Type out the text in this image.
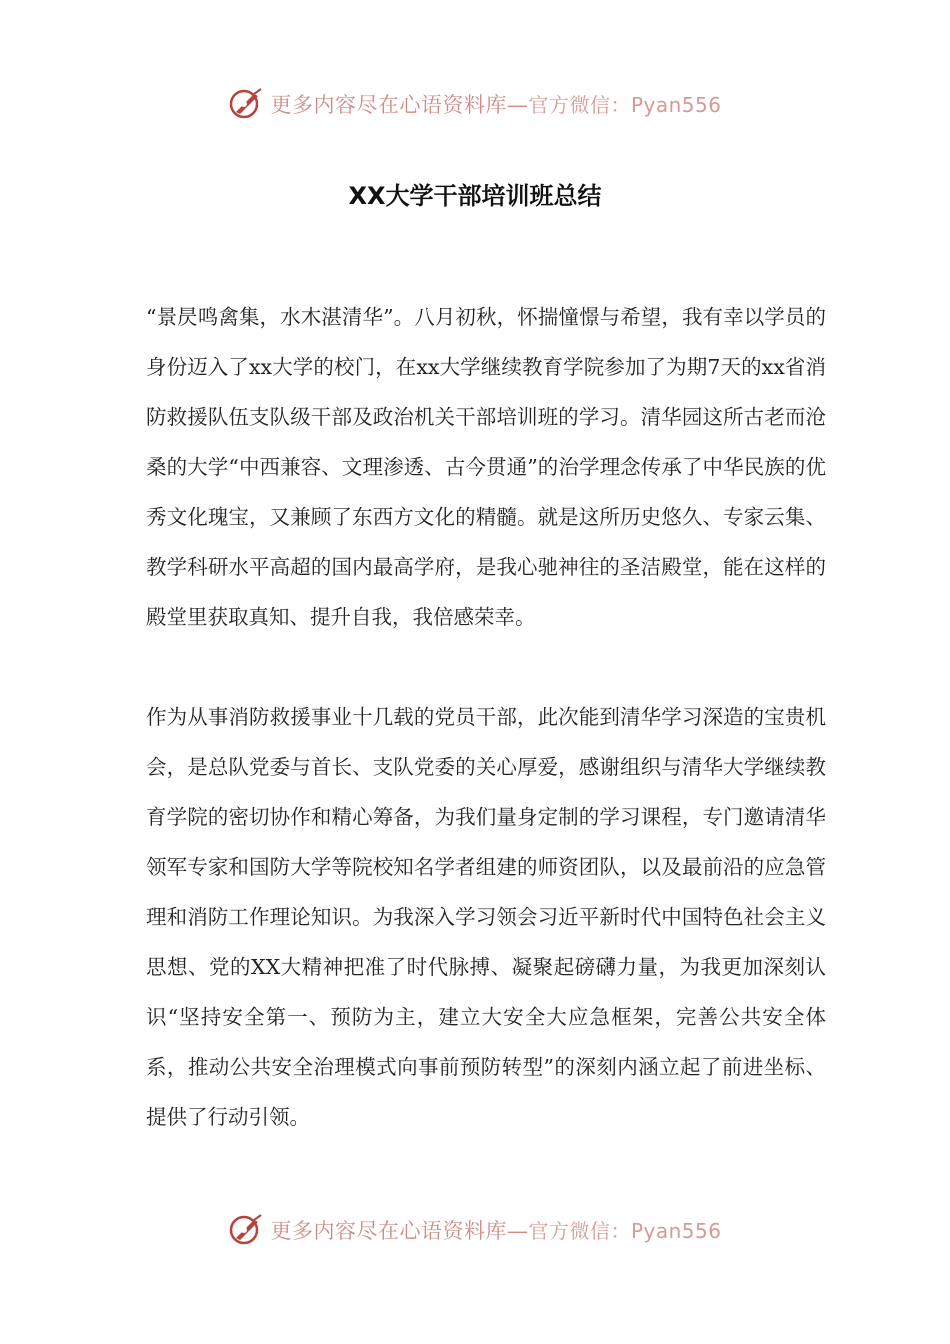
更多内容尽在心语资料库—官方微信：Pyan556
XX大学干部培训班总结

“景昃鸣禽集，水木湛清华”。八月初秋，怀揣憧憬与希望，我有幸以学员的身份迈入了xx大学的校门，在xx大学继续教育学院参加了为期7天的xx省消防救援队伍支队级干部及政治机关干部培训班的学习。清华园这所古老而沧桑的大学“中西兼容、文理渗透、古今贯通”的治学理念传承了中华民族的优秀文化瑰宝，又兼顾了东西方文化的精髓。就是这所历史悠久、专家云集、教学科研水平高超的国内最高学府，是我心驰神往的圣洁殿堂，能在这样的殿堂里获取真知、提升自我，我倍感荣幸。

作为从事消防救援事业十几载的党员干部，此次能到清华学习深造的宝贵机会，是总队党委与首长、支队党委的关心厚爱，感谢组织与清华大学继续教育学院的密切协作和精心筹备，为我们量身定制的学习课程，专门邀请清华领军专家和国防大学等院校知名学者组建的师资团队，以及最前沿的应急管理和消防工作理论知识。为我深入学习领会习近平新时代中国特色社会主义思想、党的XX大精神把准了时代脉搏、凝聚起磅礴力量，为我更加深刻认识“坚持安全第一、预防为主，建立大安全大应急框架，完善公共安全体系，推动公共安全治理模式向事前预防转型”的深刻内涵立起了前进坐标、提供了行动引领。

更多内容尽在心语资料库—官方微信：Pyan556
